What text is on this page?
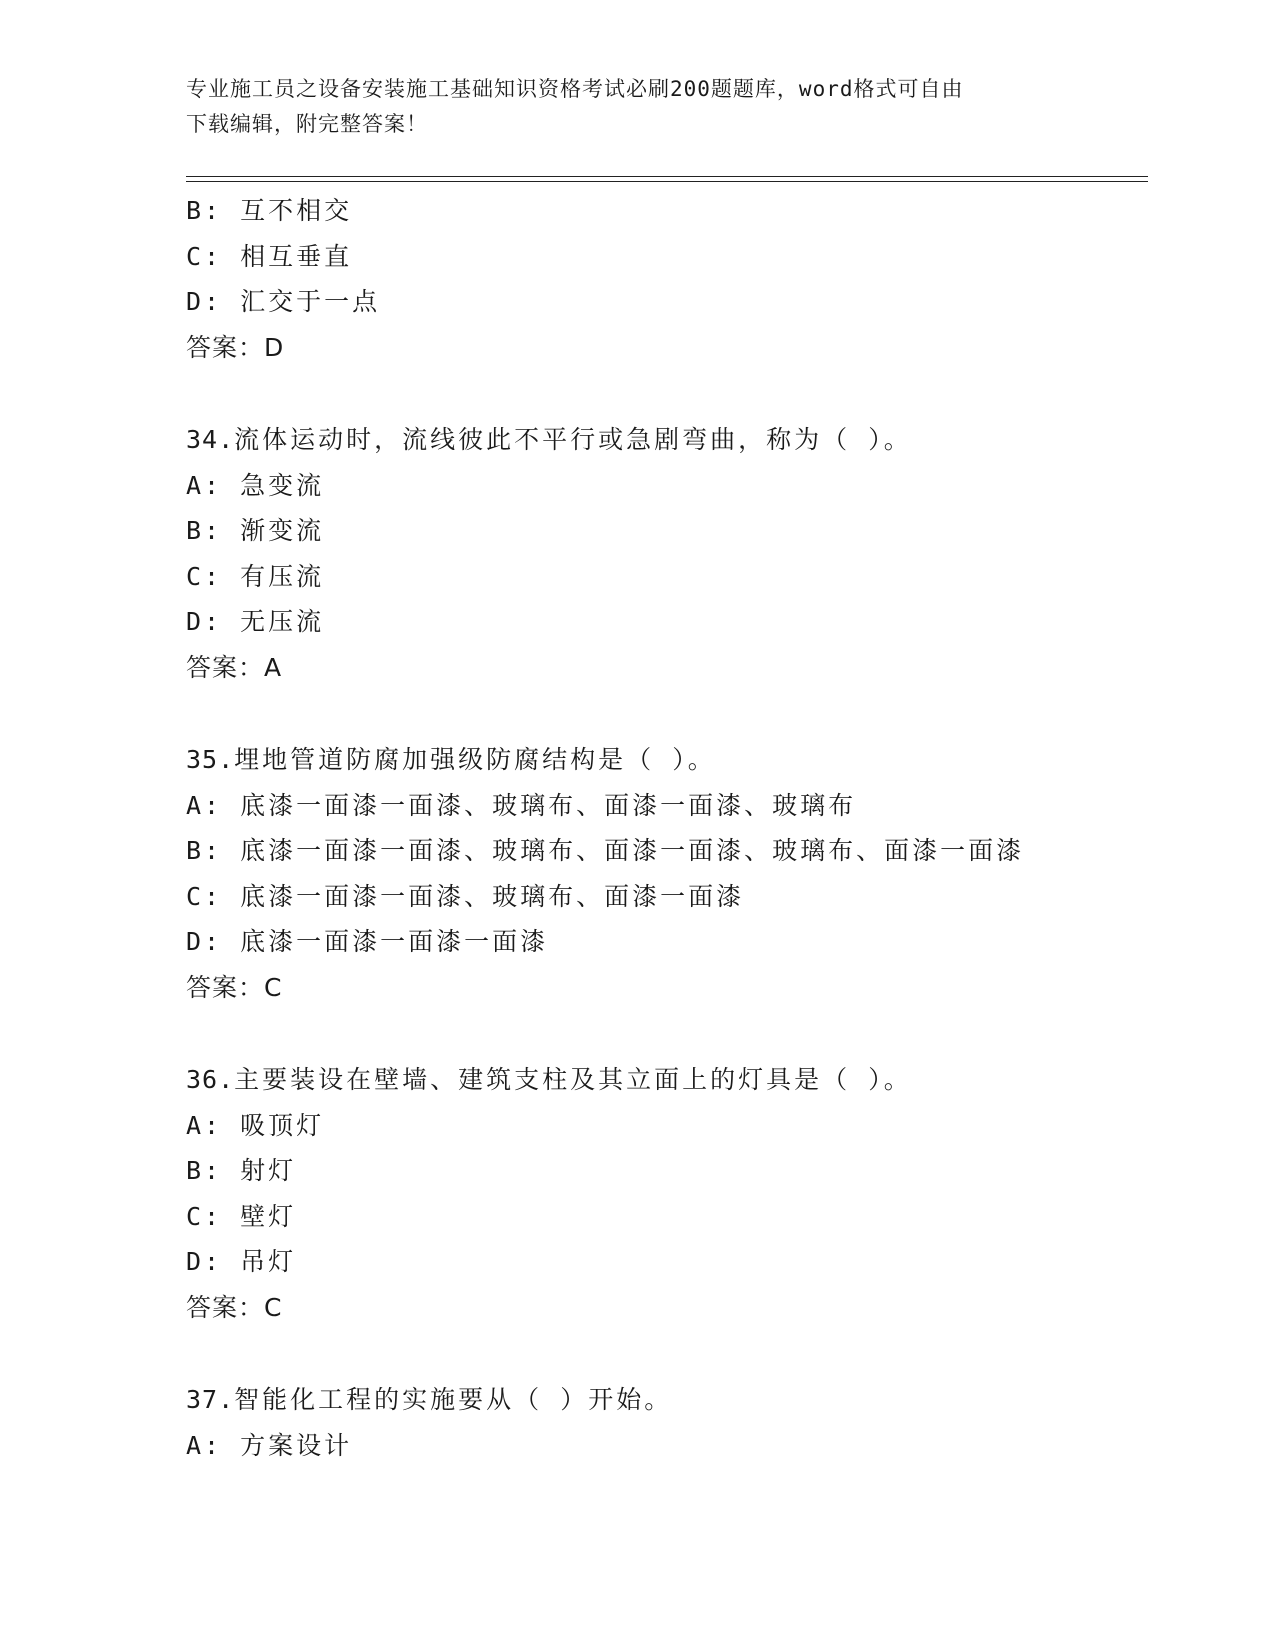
专业施工员之设备安装施工基础知识资格考试必刷200题题库，word格式可自由
下载编辑，附完整答案！
B: 互不相交
C: 相互垂直
D: 汇交于一点
答案：D
34.流体运动时，流线彼此不平行或急剧弯曲，称为（ ）。
A: 急变流
B: 渐变流
C: 有压流
D: 无压流
答案：A
35.埋地管道防腐加强级防腐结构是（ ）。
A: 底漆一面漆一面漆、玻璃布、面漆一面漆、玻璃布
B: 底漆一面漆一面漆、玻璃布、面漆一面漆、玻璃布、面漆一面漆
C: 底漆一面漆一面漆、玻璃布、面漆一面漆
D: 底漆一面漆一面漆一面漆
答案：C
36.主要装设在壁墙、建筑支柱及其立面上的灯具是（ ）。
A: 吸顶灯
B: 射灯
C: 壁灯
D: 吊灯
答案：C
37.智能化工程的实施要从（ ）开始。
A: 方案设计
